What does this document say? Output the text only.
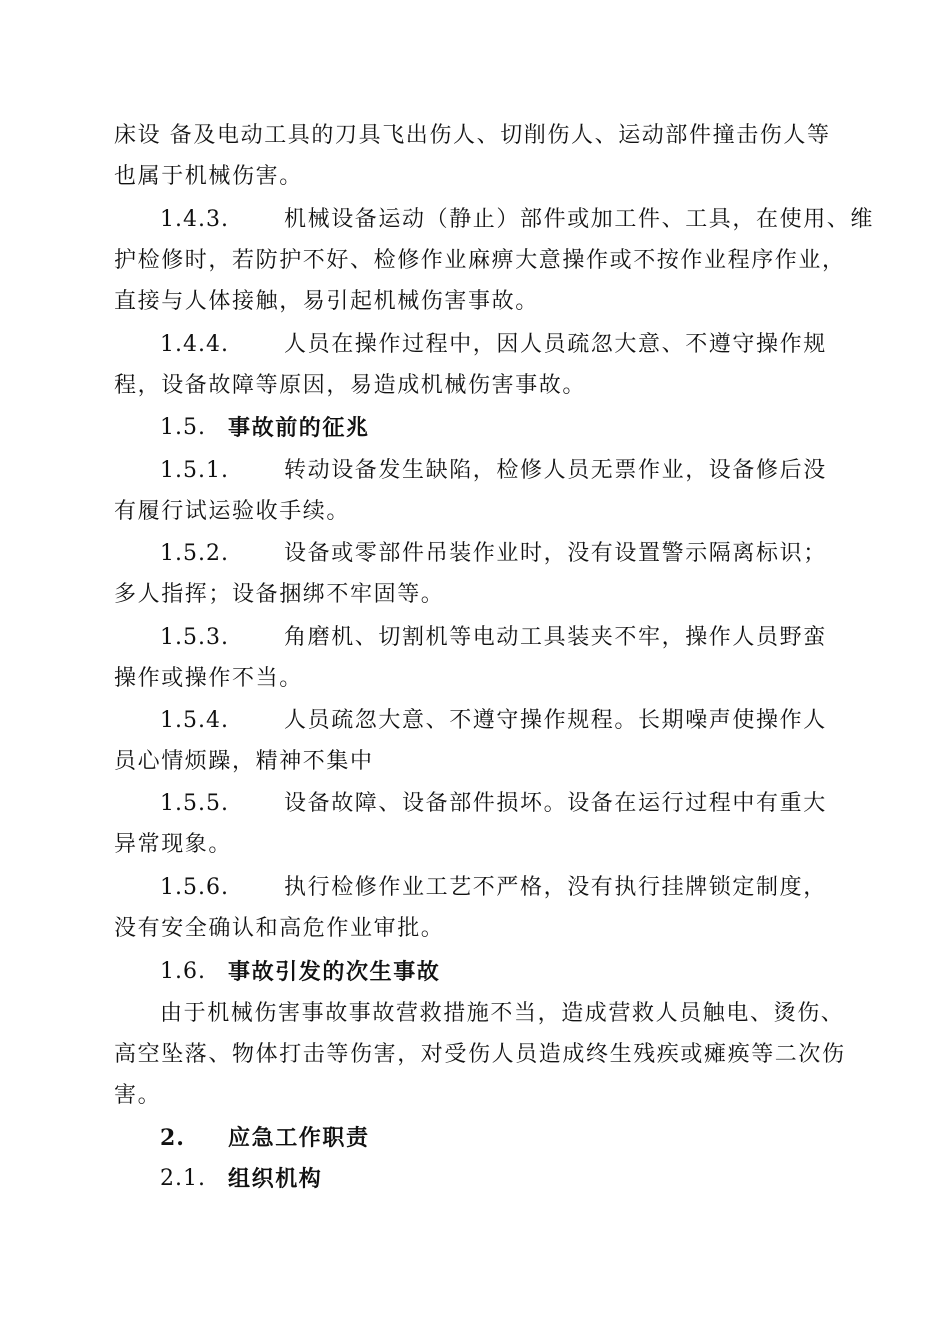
床设 备及电动工具的刀具飞出伤人、切削伤人、运动部件撞击伤人等
也属于机械伤害。
1.4.3.	机械设备运动（静止）部件或加工件、工具，在使用、维
护检修时，若防护不好、检修作业麻痹大意操作或不按作业程序作业，
直接与人体接触，易引起机械伤害事故。
1.4.4.	人员在操作过程中，因人员疏忽大意、不遵守操作规
程，设备故障等原因，易造成机械伤害事故。
1.5. 事故前的征兆
1.5.1.	转动设备发生缺陷，检修人员无票作业，设备修后没
有履行试运验收手续。
1.5.2.	设备或零部件吊装作业时，没有设置警示隔离标识；
多人指挥；设备捆绑不牢固等。
1.5.3.	角磨机、切割机等电动工具装夹不牢，操作人员野蛮
操作或操作不当。
1.5.4.	人员疏忽大意、不遵守操作规程。长期噪声使操作人
员心情烦躁，精神不集中
1.5.5.	设备故障、设备部件损坏。设备在运行过程中有重大
异常现象。
1.5.6.	执行检修作业工艺不严格，没有执行挂牌锁定制度，
没有安全确认和高危作业审批。
1.6. 事故引发的次生事故
由于机械伤害事故事故营救措施不当，造成营救人员触电、烫伤、
高空坠落、物体打击等伤害，对受伤人员造成终生残疾或瘫痪等二次伤
害。
2. 应急工作职责
2.1. 组织机构
